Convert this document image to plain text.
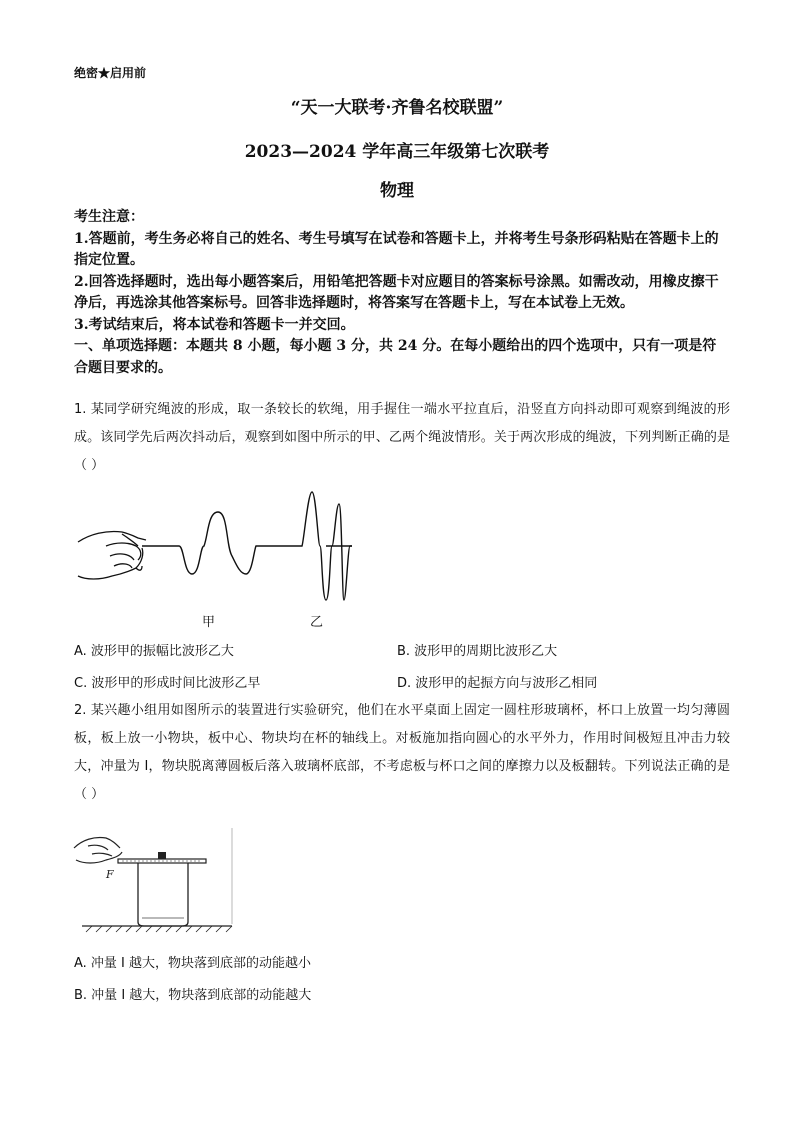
绝密★启用前
“天一大联考·齐鲁名校联盟”
2023—2024 学年高三年级第七次联考
物理
考生注意：
1.答题前，考生务必将自己的姓名、考生号填写在试卷和答题卡上，并将考生号条形码粘贴在答题卡上的指定位置。
2.回答选择题时，选出每小题答案后，用铅笔把答题卡对应题目的答案标号涂黑。如需改动，用橡皮擦干净后，再选涂其他答案标号。回答非选择题时，将答案写在答题卡上，写在本试卷上无效。
3.考试结束后，将本试卷和答题卡一并交回。
一、单项选择题：本题共 8 小题，每小题 3 分，共 24 分。在每小题给出的四个选项中，只有一项是符合题目要求的。
1. 某同学研究绳波的形成，取一条较长的软绳，用手握住一端水平拉直后，沿竖直方向抖动即可观察到绳波的形成。该同学先后两次抖动后，观察到如图中所示的甲、乙两个绳波情形。关于两次形成的绳波，下列判断正确的是（ ）
甲	乙
A. 波形甲的振幅比波形乙大	B. 波形甲的周期比波形乙大
C. 波形甲的形成时间比波形乙早	D. 波形甲的起振方向与波形乙相同
2. 某兴趣小组用如图所示的装置进行实验研究，他们在水平桌面上固定一圆柱形玻璃杯，杯口上放置一均匀薄圆板，板上放一小物块，板中心、物块均在杯的轴线上。对板施加指向圆心的水平外力，作用时间极短且冲击力较大，冲量为 I，物块脱离薄圆板后落入玻璃杯底部，不考虑板与杯口之间的摩擦力以及板翻转。下列说法正确的是（ ）
F
A. 冲量 I 越大，物块落到底部的动能越小
B. 冲量 I 越大，物块落到底部的动能越大
